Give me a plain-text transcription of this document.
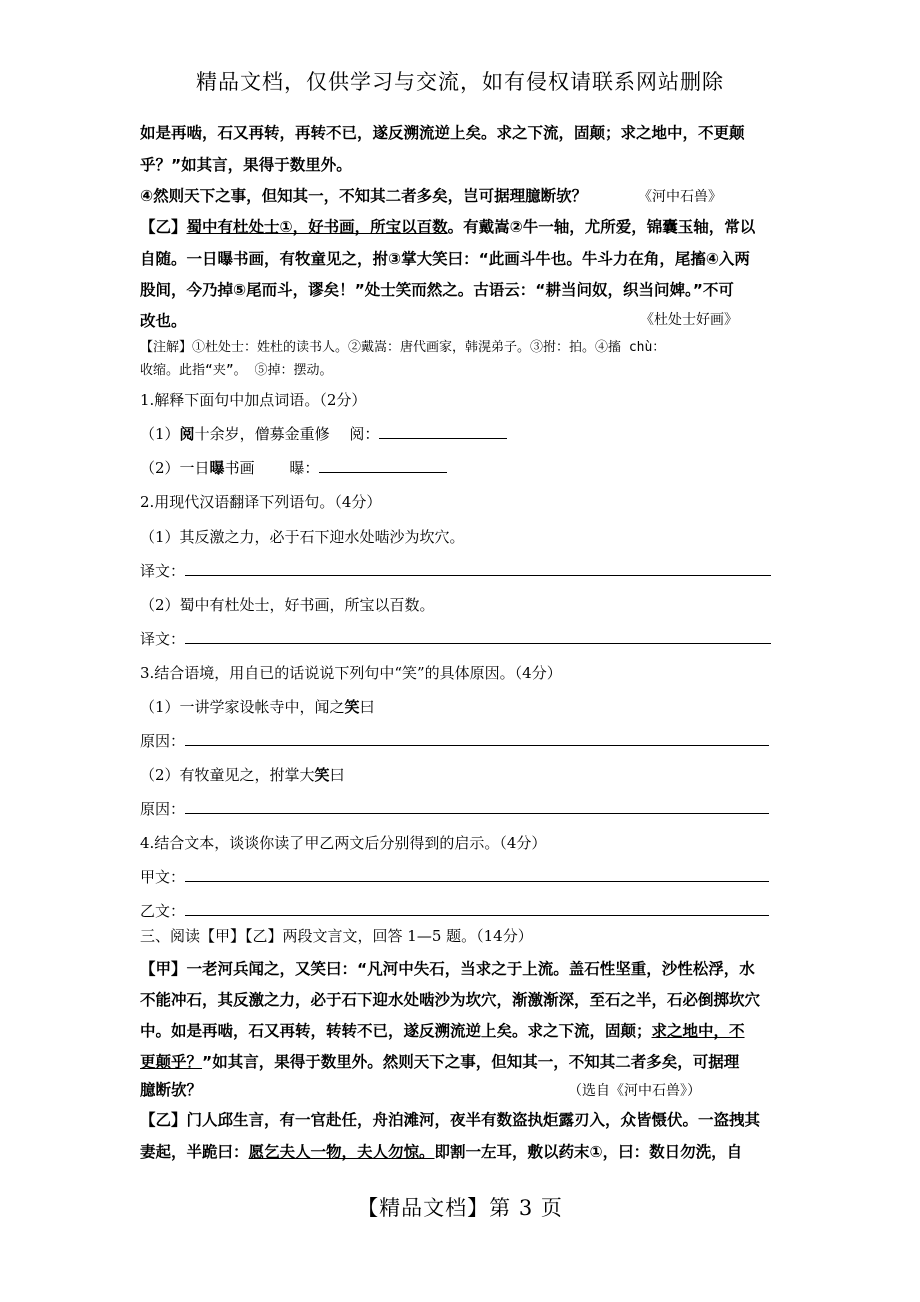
精品文档，仅供学习与交流，如有侵权请联系网站删除
如是再啮，石又再转，再转不已，遂反溯流逆上矣。求之下流，固颠；求之地中，不更颠
乎？”如其言，果得于数里外。
④然则天下之事，但知其一，不知其二者多矣，岂可据理臆断欤？	《河中石兽》
【乙】蜀中有杜处士①，好书画，所宝以百数。有戴嵩②牛一轴，尤所爱，锦囊玉轴，常以
自随。一日曝书画，有牧童见之，拊③掌大笑曰：“此画斗牛也。牛斗力在角，尾搐④入两
股间，今乃掉⑤尾而斗，谬矣！”处士笑而然之。古语云：“耕当问奴，织当问婢。”不可
改也。	《杜处士好画》
【注解】①杜处士：姓杜的读书人。②戴嵩：唐代画家，韩滉弟子。③拊：拍。④搐 chù：
收缩。此指“夹”。 ⑤掉：摆动。
1.解释下面句中加点词语。（2分）
（1）阅十余岁，僧募金重修　 阅：
（2）一日曝书画　　 曝：
2.用现代汉语翻译下列语句。（4分）
（1）其反激之力，必于石下迎水处啮沙为坎穴。
译文：
（2）蜀中有杜处士，好书画，所宝以百数。
译文：
3.结合语境，用自已的话说说下列句中“笑”的具体原因。（4分）
（1）一讲学家设帐寺中，闻之笑曰
原因：
（2）有牧童见之，拊掌大笑曰
原因：
4.结合文本，谈谈你读了甲乙两文后分别得到的启示。（4分）
甲文：
乙文：
三、阅读【甲】【乙】两段文言文，回答 1—5 题。（14分）
【甲】一老河兵闻之，又笑曰：“凡河中失石，当求之于上流。盖石性坚重，沙性松浮，水
不能冲石，其反激之力，必于石下迎水处啮沙为坎穴，渐激渐深，至石之半，石必倒掷坎穴
中。如是再啮，石又再转，转转不已，遂反溯流逆上矣。求之下流，固颠；求之地中，不
更颠乎？”如其言，果得于数里外。然则天下之事，但知其一，不知其二者多矣，可据理
臆断欤？	（选自《河中石兽》）
【乙】门人邱生言，有一官赴任，舟泊滩河，夜半有数盗执炬露刃入，众皆慑伏。一盗拽其
妻起，半跪曰：愿乞夫人一物，夫人勿惊。即割一左耳，敷以药末①，曰：数日勿洗，自
【精品文档】第 3 页
